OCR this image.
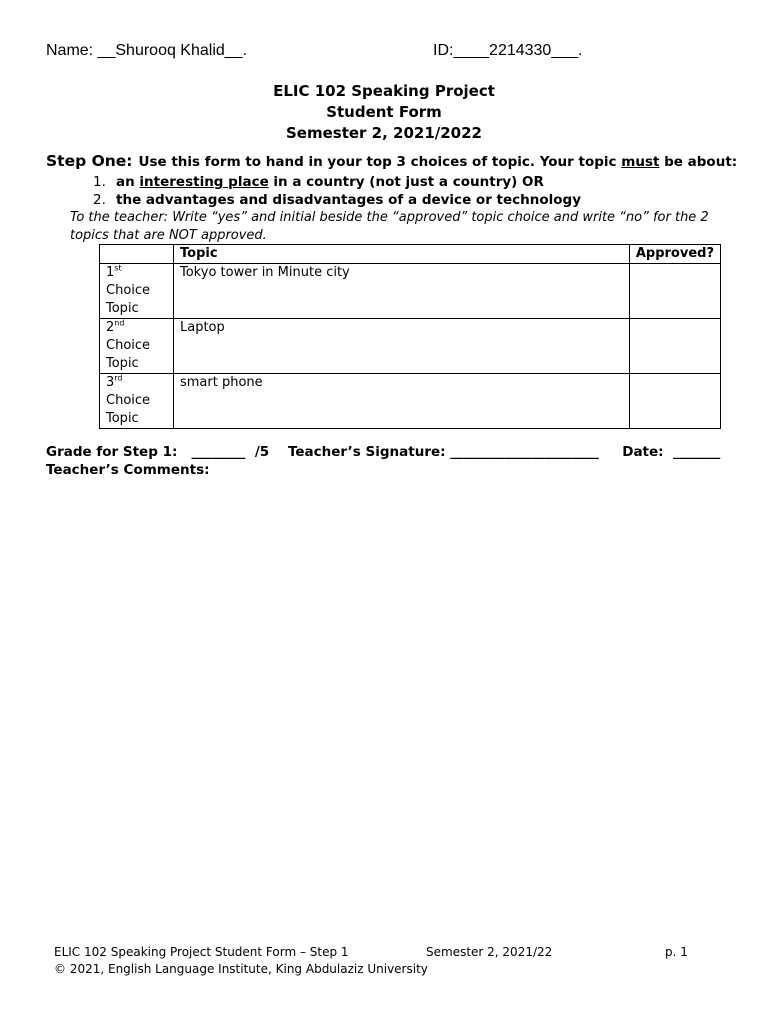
Name: __Shurooq Khalid__.	ID:____2214330___.
ELIC 102 Speaking Project
Student Form
Semester 2, 2021/2022
Step One: Use this form to hand in your top 3 choices of topic. Your topic must be about:
1. an interesting place in a country (not just a country) OR
2. the advantages and disadvantages of a device or technology
To the teacher: Write “yes” and initial beside the “approved” topic choice and write “no” for the 2 topics that are NOT approved.
	Topic	Approved?
1st
Choice
Topic	Tokyo tower in Minute city	
2nd
Choice
Topic	Laptop	
3rd
Choice
Topic	smart phone	
Grade for Step 1:   ________  /5    Teacher’s Signature: ______________________     Date:  _______
Teacher’s Comments:
ELIC 102 Speaking Project Student Form – Step 1	Semester 2, 2021/22	p. 1
© 2021, English Language Institute, King Abdulaziz University
